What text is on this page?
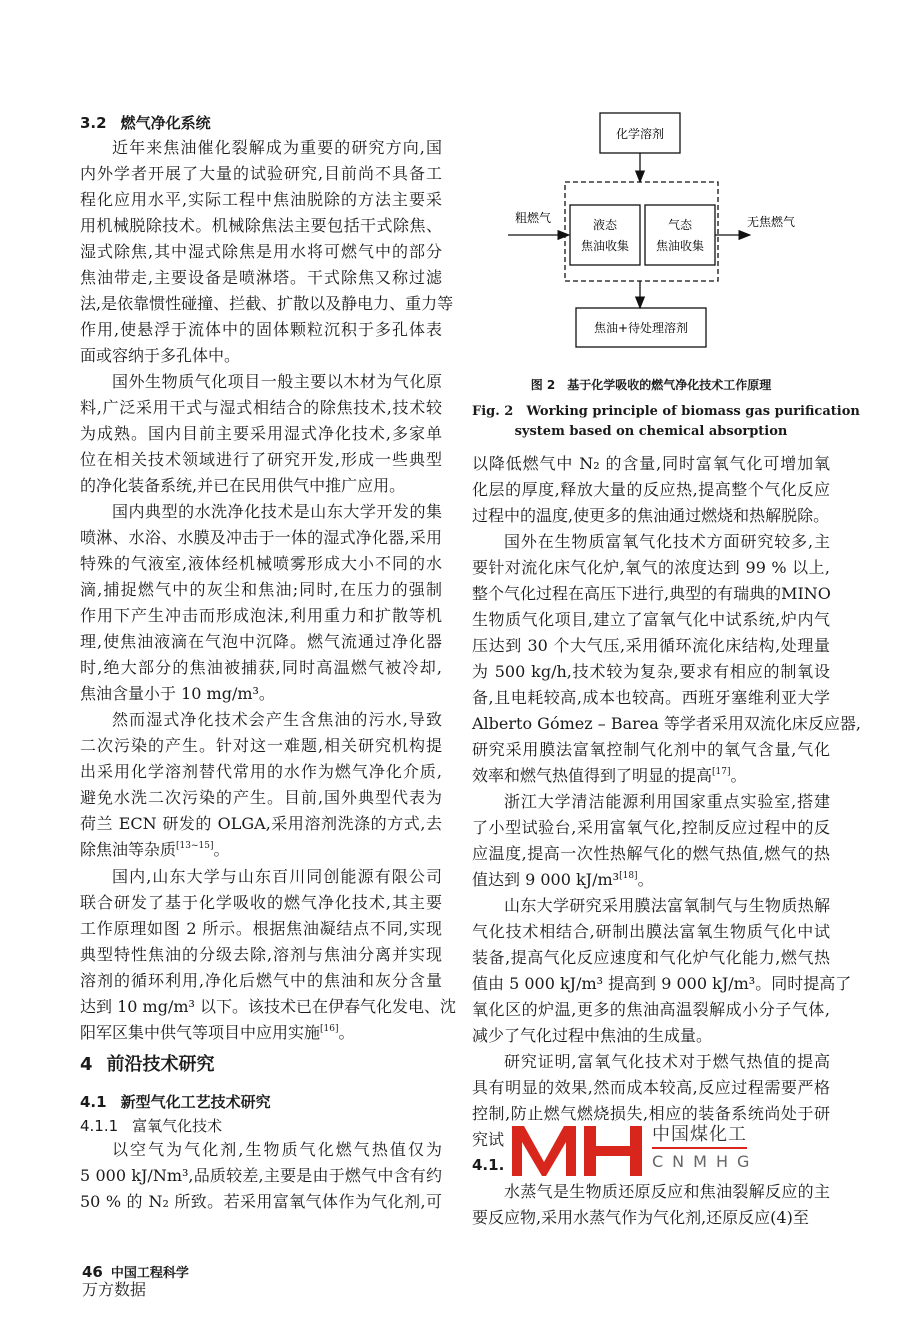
3.2 燃气净化系统
近年来焦油催化裂解成为重要的研究方向,国
内外学者开展了大量的试验研究,目前尚不具备工
程化应用水平,实际工程中焦油脱除的方法主要采
用机械脱除技术。机械除焦法主要包括干式除焦、
湿式除焦,其中湿式除焦是用水将可燃气中的部分
焦油带走,主要设备是喷淋塔。干式除焦又称过滤
法,是依靠惯性碰撞、拦截、扩散以及静电力、重力等
作用,使悬浮于流体中的固体颗粒沉积于多孔体表
面或容纳于多孔体中。
国外生物质气化项目一般主要以木材为气化原
料,广泛采用干式与湿式相结合的除焦技术,技术较
为成熟。国内目前主要采用湿式净化技术,多家单
位在相关技术领域进行了研究开发,形成一些典型
的净化装备系统,并已在民用供气中推广应用。
国内典型的水洗净化技术是山东大学开发的集
喷淋、水浴、水膜及冲击于一体的湿式净化器,采用
特殊的气液室,液体经机械喷雾形成大小不同的水
滴,捕捉燃气中的灰尘和焦油;同时,在压力的强制
作用下产生冲击而形成泡沫,利用重力和扩散等机
理,使焦油液滴在气泡中沉降。燃气流通过净化器
时,绝大部分的焦油被捕获,同时高温燃气被冷却,
焦油含量小于 10 mg/m³。
然而湿式净化技术会产生含焦油的污水,导致
二次污染的产生。针对这一难题,相关研究机构提
出采用化学溶剂替代常用的水作为燃气净化介质,
避免水洗二次污染的产生。目前,国外典型代表为
荷兰 ECN 研发的 OLGA,采用溶剂洗涤的方式,去
除焦油等杂质[13~15]。
国内,山东大学与山东百川同创能源有限公司
联合研发了基于化学吸收的燃气净化技术,其主要
工作原理如图 2 所示。根据焦油凝结点不同,实现
典型特性焦油的分级去除,溶剂与焦油分离并实现
溶剂的循环利用,净化后燃气中的焦油和灰分含量
达到 10 mg/m³ 以下。该技术已在伊春气化发电、沈
阳军区集中供气等项目中应用实施[16]。
4 前沿技术研究
4.1 新型气化工艺技术研究
4.1.1 富氧气化技术
以空气为气化剂,生物质气化燃气热值仅为
5 000 kJ/Nm³,品质较差,主要是由于燃气中含有约
50 % 的 N₂ 所致。若采用富氧气体作为气化剂,可
46 中国工程科学
万方数据
化学溶剂
液态
焦油收集
气态
焦油收集
粗燃气	无焦燃气
焦油+待处理溶剂
图 2　基于化学吸收的燃气净化技术工作原理
Fig. 2　Working principle of biomass gas purification
system based on chemical absorption
以降低燃气中 N₂ 的含量,同时富氧气化可增加氧
化层的厚度,释放大量的反应热,提高整个气化反应
过程中的温度,使更多的焦油通过燃烧和热解脱除。
国外在生物质富氧气化技术方面研究较多,主
要针对流化床气化炉,氧气的浓度达到 99 % 以上,
整个气化过程在高压下进行,典型的有瑞典的MINO
生物质气化项目,建立了富氧气化中试系统,炉内气
压达到 30 个大气压,采用循环流化床结构,处理量
为 500 kg/h,技术较为复杂,要求有相应的制氧设
备,且电耗较高,成本也较高。西班牙塞维利亚大学
Alberto Gómez – Barea 等学者采用双流化床反应器,
研究采用膜法富氧控制气化剂中的氧气含量,气化
效率和燃气热值得到了明显的提高[17]。
浙江大学清洁能源利用国家重点实验室,搭建
了小型试验台,采用富氧气化,控制反应过程中的反
应温度,提高一次性热解气化的燃气热值,燃气的热
值达到 9 000 kJ/m³[18]。
山东大学研究采用膜法富氧制气与生物质热解
气化技术相结合,研制出膜法富氧生物质气化中试
装备,提高气化反应速度和气化炉气化能力,燃气热
值由 5 000 kJ/m³ 提高到 9 000 kJ/m³。同时提高了
氧化区的炉温,更多的焦油高温裂解成小分子气体,
减少了气化过程中焦油的生成量。
研究证明,富氧气化技术对于燃气热值的提高
具有明显的效果,然而成本较高,反应过程需要严格
控制,防止燃气燃烧损失,相应的装备系统尚处于研
究试
4.1.
水蒸气是生物质还原反应和焦油裂解反应的主
要反应物,采用水蒸气作为气化剂,还原反应(4)至
中国煤化工
CNMHG
